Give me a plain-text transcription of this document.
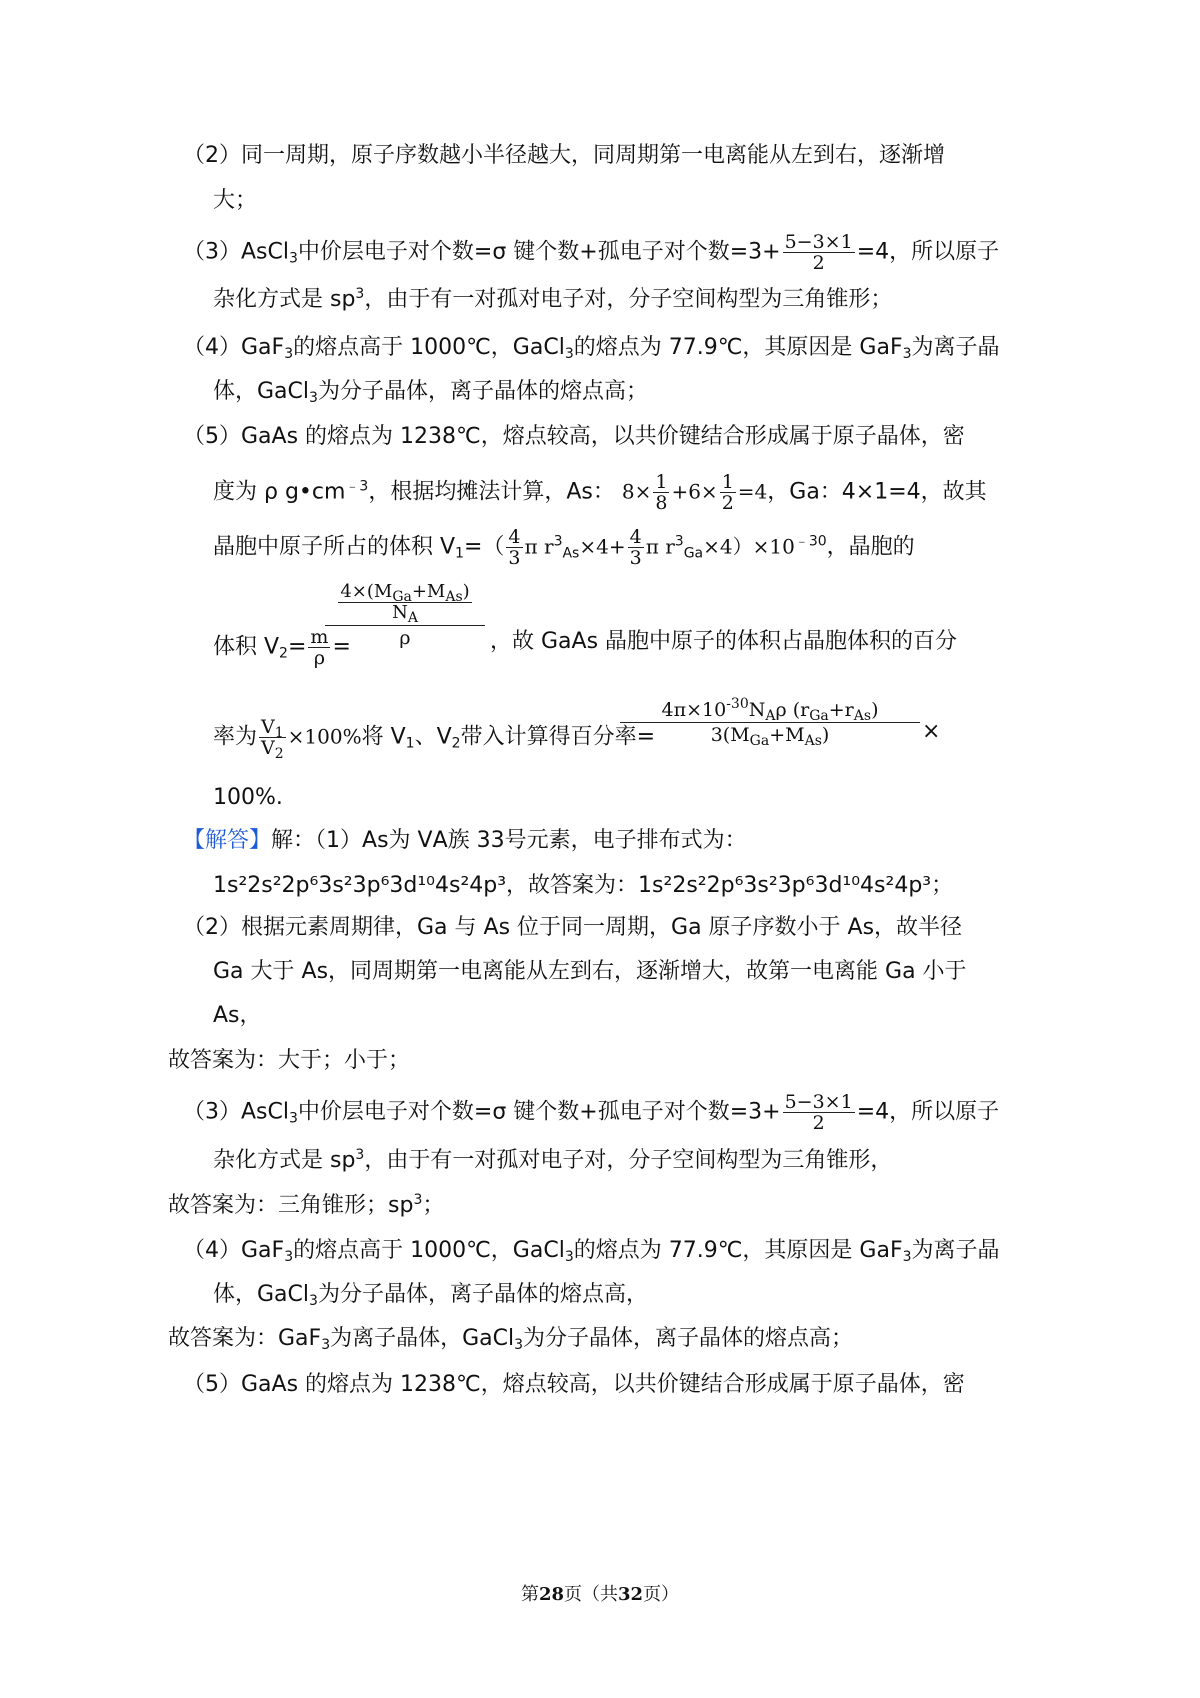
（2）同一周期，原子序数越小半径越大，同周期第一电离能从左到右，逐渐增
大；
（3）AsCl$_3$中价层电子对个数=σ 键个数+孤电子对个数$=3+ \frac{5-3\times 1}{2} =4$，所以原子
杂化方式是 $sp^3$，由于有一对孤对电子对，分子空间构型为三角锥形；
（4）GaF$_3$的熔点高于 1000℃，GaCl$_3$的熔点为 77.9℃，其原因是 GaF$_3$为离子晶
体，GaCl$_3$为分子晶体，离子晶体的熔点高；
（5）GaAs 的熔点为 1238℃，熔点较高，以共价键结合形成属于原子晶体，密
度为 ρ $g•cm^{﹣3}$，根据均摊法计算，As： $8\times \frac{1}{8} +6\times \frac{1}{2} =4$，Ga：4×1=4，故其
晶胞中原子所占的体积 $V_1=( \frac{4}{3}$ π $r^3_{As}\times 4+ \frac{4}{3}$ π $r^3_{Ga}\times 4)\times 10^{﹣30}$，晶胞的
体积 $V_2= \frac{m}{\rho}$ =
$\frac{4\times(M_{Ga}+M_{As})}{N_A}$
ρ	，故 GaAs 晶胞中原子的体积占晶胞体积的百分
率为 $\frac{V_1}{V_2} \times 100\%$将 $V_1$、$V_2$带入计算得百分率=
$4\pi\times 10^{-30}N_A\rho$ $(r_{Ga}+r_{As})$
$3(M_{Ga}+M_{As})$	×
100%.
【解答】解：（1）As为 ⅤA族 33号元素，电子排布式为：
1s²2s²2p⁶3s²3p⁶3d¹⁰4s²4p³，故答案为：1s²2s²2p⁶3s²3p⁶3d¹⁰4s²4p³；
（2）根据元素周期律，Ga 与 As 位于同一周期，Ga 原子序数小于 As，故半径
Ga 大于 As，同周期第一电离能从左到右，逐渐增大，故第一电离能 Ga 小于
As，
故答案为：大于；小于；
（3）AsCl$_3$中价层电子对个数=σ 键个数+孤电子对个数$=3+ \frac{5-3\times 1}{2} =4$，所以原子
杂化方式是 $sp^3$，由于有一对孤对电子对，分子空间构型为三角锥形，
故答案为：三角锥形；$sp^3$；
（4）GaF$_3$的熔点高于 1000℃，GaCl$_3$的熔点为 77.9℃，其原因是 GaF$_3$为离子晶
体，GaCl$_3$为分子晶体，离子晶体的熔点高，
故答案为：GaF$_3$为离子晶体，GaCl$_3$为分子晶体，离子晶体的熔点高；
（5）GaAs 的熔点为 1238℃，熔点较高，以共价键结合形成属于原子晶体，密
第28页（共32页）
